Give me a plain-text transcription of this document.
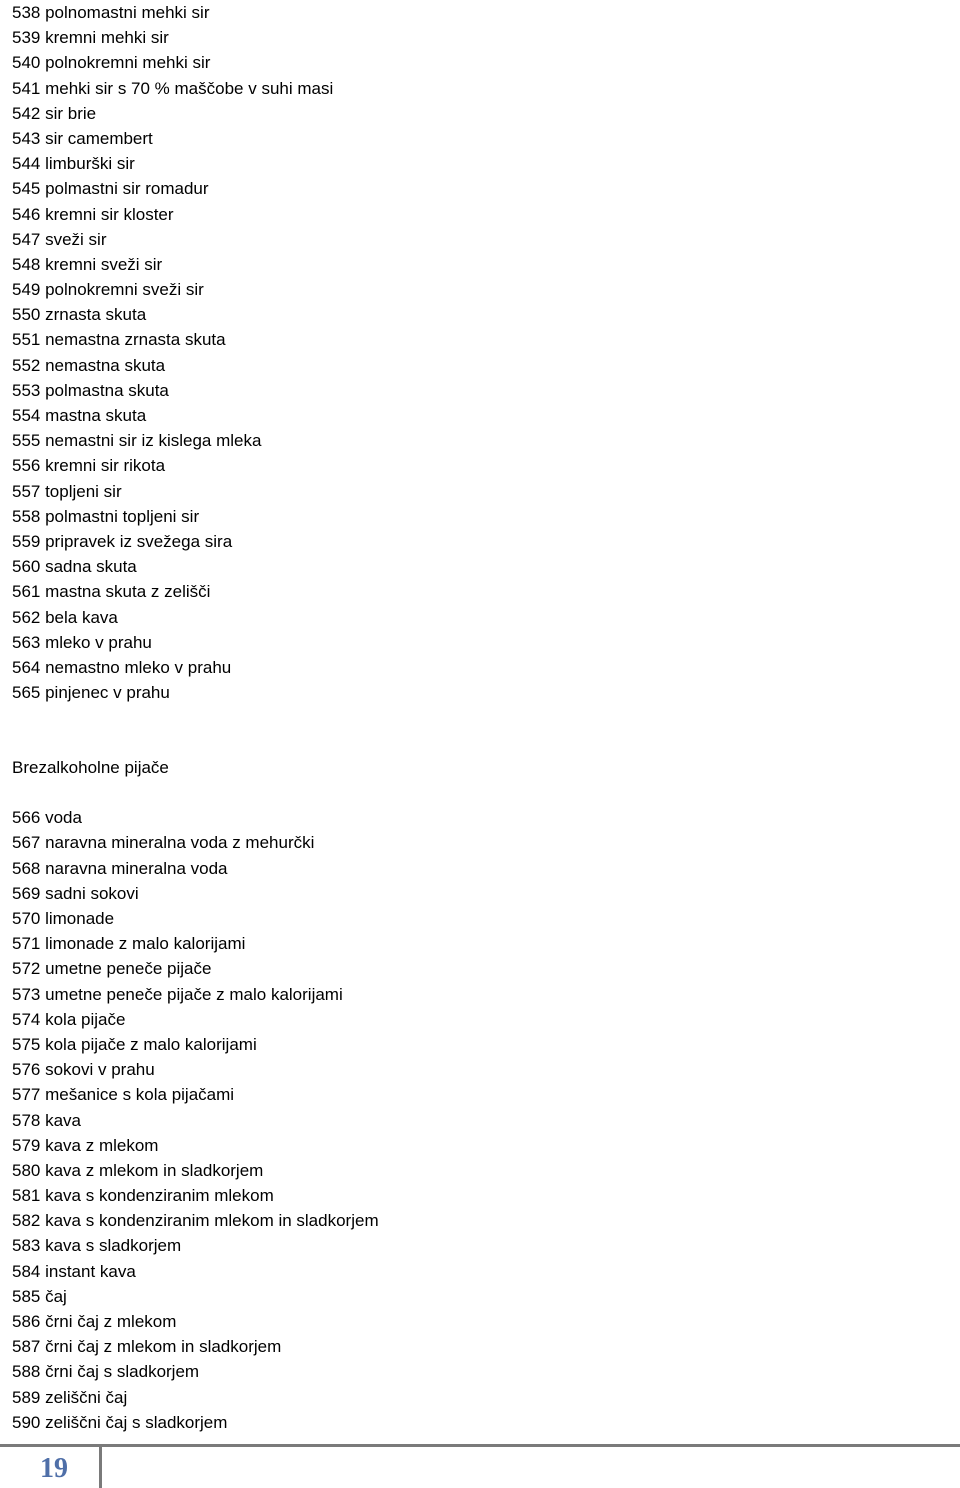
538 polnomastni mehki sir
539 kremni mehki sir
540 polnokremni mehki sir
541 mehki sir s 70 % maščobe v suhi masi
542 sir brie
543 sir camembert
544 limburški sir
545 polmastni sir romadur
546 kremni sir kloster
547 sveži sir
548 kremni sveži sir
549 polnokremni sveži sir
550 zrnasta skuta
551 nemastna zrnasta skuta
552 nemastna skuta
553 polmastna skuta
554 mastna skuta
555 nemastni sir iz kislega mleka
556 kremni sir rikota
557 topljeni sir
558 polmastni topljeni sir
559 pripravek iz svežega sira
560 sadna skuta
561 mastna skuta z zelišči
562 bela kava
563 mleko v prahu
564 nemastno mleko v prahu
565 pinjenec v prahu
Brezalkoholne pijače
566 voda
567 naravna mineralna voda z mehurčki
568 naravna mineralna voda
569 sadni sokovi
570 limonade
571 limonade z malo kalorijami
572 umetne peneče pijače
573 umetne peneče pijače z malo kalorijami
574 kola pijače
575 kola pijače z malo kalorijami
576 sokovi v prahu
577 mešanice s kola pijačami
578 kava
579 kava z mlekom
580 kava z mlekom in sladkorjem
581 kava s kondenziranim mlekom
582 kava s kondenziranim mlekom in sladkorjem
583 kava s sladkorjem
584 instant kava
585 čaj
586 črni čaj z mlekom
587 črni čaj z mlekom in sladkorjem
588 črni čaj s sladkorjem
589 zeliščni čaj
590 zeliščni čaj s sladkorjem
19
